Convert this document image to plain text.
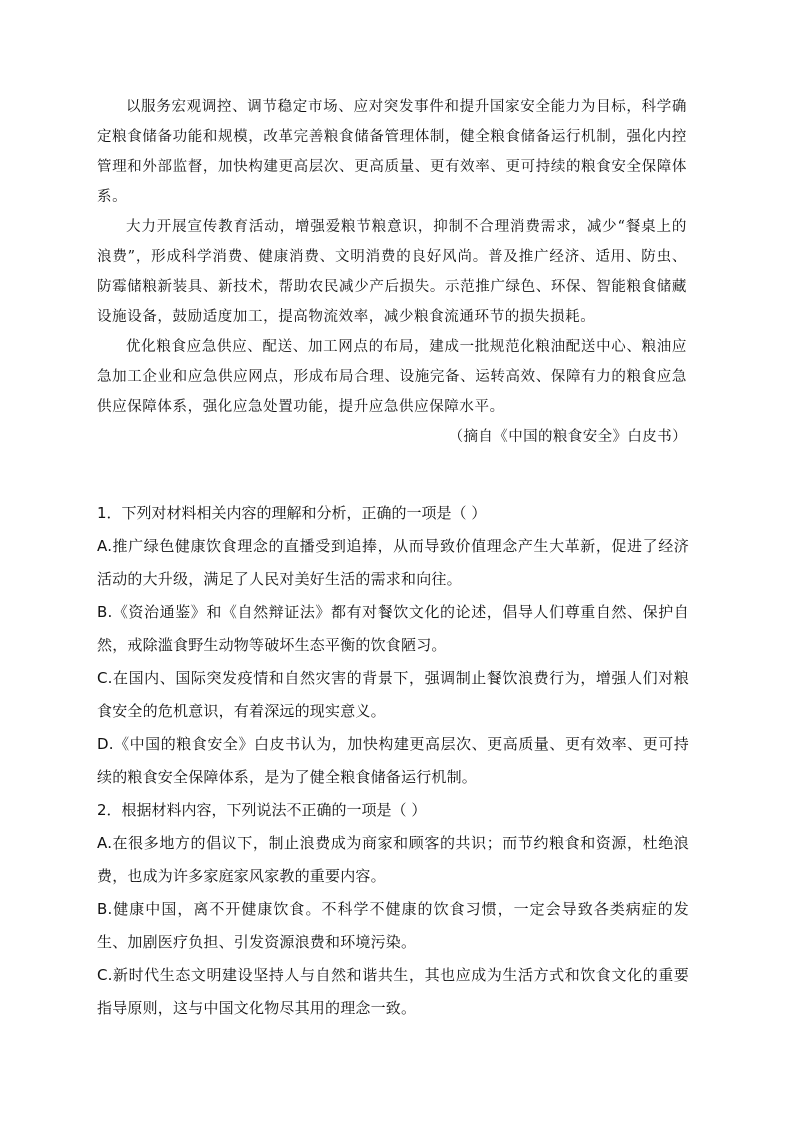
以服务宏观调控、调节稳定市场、应对突发事件和提升国家安全能力为目标，科学确定粮食储备功能和规模，改革完善粮食储备管理体制，健全粮食储备运行机制，强化内控管理和外部监督，加快构建更高层次、更高质量、更有效率、更可持续的粮食安全保障体系。

大力开展宣传教育活动，增强爱粮节粮意识，抑制不合理消费需求，减少“餐桌上的浪费”，形成科学消费、健康消费、文明消费的良好风尚。普及推广经济、适用、防虫、防霉储粮新装具、新技术，帮助农民减少产后损失。示范推广绿色、环保、智能粮食储藏设施设备，鼓励适度加工，提高物流效率，减少粮食流通环节的损失损耗。

优化粮食应急供应、配送、加工网点的布局，建成一批规范化粮油配送中心、粮油应急加工企业和应急供应网点，形成布局合理、设施完备、运转高效、保障有力的粮食应急供应保障体系，强化应急处置功能，提升应急供应保障水平。

（摘自《中国的粮食安全》白皮书）

1．下列对材料相关内容的理解和分析，正确的一项是（ ）

A.推广绿色健康饮食理念的直播受到追捧，从而导致价值理念产生大革新，促进了经济活动的大升级，满足了人民对美好生活的需求和向往。

B.《资治通鉴》和《自然辩证法》都有对餐饮文化的论述，倡导人们尊重自然、保护自然，戒除滥食野生动物等破坏生态平衡的饮食陋习。

C.在国内、国际突发疫情和自然灾害的背景下，强调制止餐饮浪费行为，增强人们对粮食安全的危机意识，有着深远的现实意义。

D.《中国的粮食安全》白皮书认为，加快构建更高层次、更高质量、更有效率、更可持续的粮食安全保障体系，是为了健全粮食储备运行机制。

2．根据材料内容，下列说法不正确的一项是（ ）

A.在很多地方的倡议下，制止浪费成为商家和顾客的共识；而节约粮食和资源，杜绝浪费，也成为许多家庭家风家教的重要内容。

B.健康中国，离不开健康饮食。不科学不健康的饮食习惯，一定会导致各类病症的发生、加剧医疗负担、引发资源浪费和环境污染。

C.新时代生态文明建设坚持人与自然和谐共生，其也应成为生活方式和饮食文化的重要指导原则，这与中国文化物尽其用的理念一致。
